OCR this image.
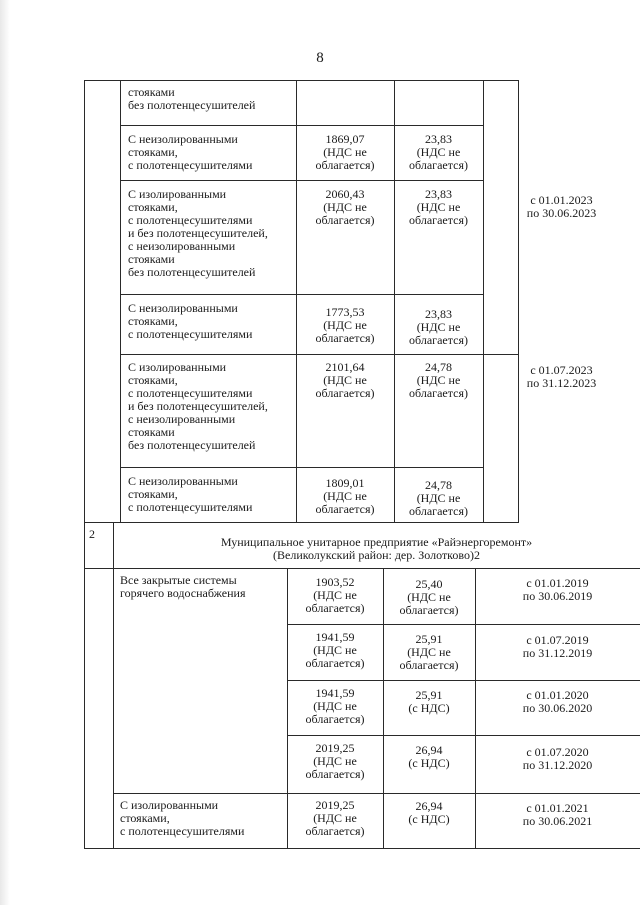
8
стояками
без полотенцесушителей
С неизолированными
стояками,
с полотенцесушителями
1869,07
(НДС не
облагается)
23,83
(НДС не
облагается)
С изолированными
стояками,
с полотенцесушителями
и без полотенцесушителей,
с неизолированными
стояками
без полотенцесушителей
2060,43
(НДС не
облагается)
23,83
(НДС не
облагается)
с 01.01.2023
по 30.06.2023
С неизолированными
стояками,
с полотенцесушителями
1773,53
(НДС не
облагается)
23,83
(НДС не
облагается)
С изолированными
стояками,
с полотенцесушителями
и без полотенцесушителей,
с неизолированными
стояками
без полотенцесушителей
2101,64
(НДС не
облагается)
24,78
(НДС не
облагается)
с 01.07.2023
по 31.12.2023
С неизолированными
стояками,
с полотенцесушителями
1809,01
(НДС не
облагается)
24,78
(НДС не
облагается)
2
Муниципальное унитарное предприятие «Райэнергоремонт»
(Великолукский район: дер. Золотково)2
Все закрытые системы
горячего водоснабжения
1903,52
(НДС не
облагается)
25,40
(НДС не
облагается)
с 01.01.2019
по 30.06.2019
1941,59
(НДС не
облагается)
25,91
(НДС не
облагается)
с 01.07.2019
по 31.12.2019
1941,59
(НДС не
облагается)
25,91
(с НДС)
с 01.01.2020
по 30.06.2020
2019,25
(НДС не
облагается)
26,94
(с НДС)
с 01.07.2020
по 31.12.2020
С изолированными
стояками,
с полотенцесушителями
2019,25
(НДС не
облагается)
26,94
(с НДС)
с 01.01.2021
по 30.06.2021
